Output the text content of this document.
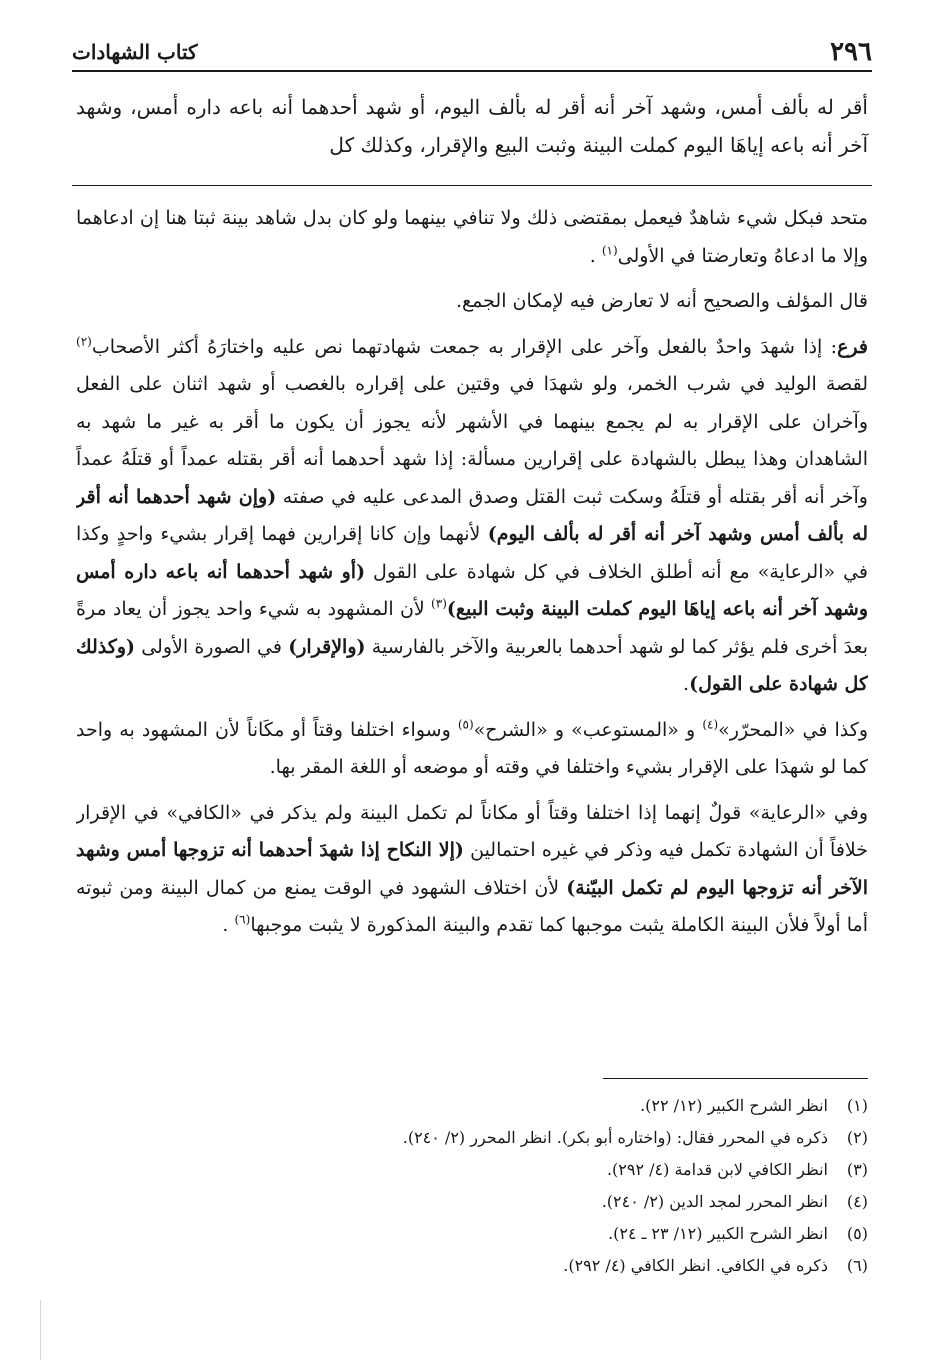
٢٩٦
كتاب الشهادات
أقر له بألف أمس، وشهد آخر أنه أقر له بألف اليوم، أو شهد أحدهما أنه باعه داره أمس، وشهد آخر أنه باعه إياهَا اليوم كملت البينة وثبت البيع والإقرار، وكذلك كل

متحد فبكل شيء شاهدٌ فيعمل بمقتضى ذلك ولا تنافي بينهما ولو كان بدل شاهد بينة ثبتا هنا إن ادعاهما وإلا ما ادعاهُ وتعارضتا في الأولى$^{(١)}$ .

قال المؤلف والصحيح أنه لا تعارض فيه لإمكان الجمع.

فرع: إذا شهدَ واحدٌ بالفعل وآخر على الإقرار به جمعت شهادتهما نص عليه واختارَهُ أكثر الأصحاب$^{(٢)}$ لقصة الوليد في شرب الخمر، ولو شهدَا في وقتين على إقراره بالغصب أو شهد اثنان على الفعل وآخران على الإقرار به لم يجمع بينهما في الأشهر لأنه يجوز أن يكون ما أقر به غير ما شهد به الشاهدان وهذا يبطل بالشهادة على إقرارين مسألة: إذا شهد أحدهما أنه أقر بقتله عمداً أو قتلَهُ عمداً وآخر أنه أقر بقتله أو قتلَهُ وسكت ثبت القتل وصدق المدعى عليه في صفته (وإن شهد أحدهما أنه أقر له بألف أمس وشهد آخر أنه أقر له بألف اليوم) لأنهما وإن كانا إقرارين فهما إقرار بشيء واحدٍ وكذا في «الرعاية» مع أنه أطلق الخلاف في كل شهادة على القول (أو شهد أحدهما أنه باعه داره أمس وشهد آخر أنه باعه إياهَا اليوم كملت البينة وثبت البيع)$^{(٣)}$ لأن المشهود به شيء واحد يجوز أن يعاد مرةً بعدَ أخرى فلم يؤثر كما لو شهد أحدهما بالعربية والآخر بالفارسية (والإقرار) في الصورة الأولى (وكذلك كل شهادة على القول).

وكذا في «المحرّر»$^{(٤)}$ و «المستوعب» و «الشرح»$^{(٥)}$ وسواء اختلفا وقتاً أو مكَاناً لأن المشهود به واحد كما لو شهدَا على الإقرار بشيء واختلفا في وقته أو موضعه أو اللغة المقر بها.

وفي «الرعاية» قولٌ إنهما إذا اختلفا وقتاً أو مكاناً لم تكمل البينة ولم يذكر في «الكافي» في الإقرار خلافاً أن الشهادة تكمل فيه وذكر في غيره احتمالين (إلا النكاح إذا شهدَ أحدهما أنه تزوجها أمس وشهد الآخر أنه تزوجها اليوم لم تكمل البيّنة) لأن اختلاف الشهود في الوقت يمنع من كمال البينة ومن ثبوته أما أولاً فلأن البينة الكاملة يثبت موجبها كما تقدم والبينة المذكورة لا يثبت موجبها$^{(٦)}$ .

(١)
انظر الشرح الكبير (١٢/ ٢٢).
(٢)
ذكره في المحرر فقال: (واختاره أبو بكر). انظر المحرر (٢/ ٢٤٠).
(٣)
انظر الكافي لابن قدامة (٤/ ٢٩٢).
(٤)
انظر المحرر لمجد الدين (٢/ ٢٤٠).
(٥)
انظر الشرح الكبير (١٢/ ٢٣ ـ ٢٤).
(٦)
ذكره في الكافي. انظر الكافي (٤/ ٢٩٢).
